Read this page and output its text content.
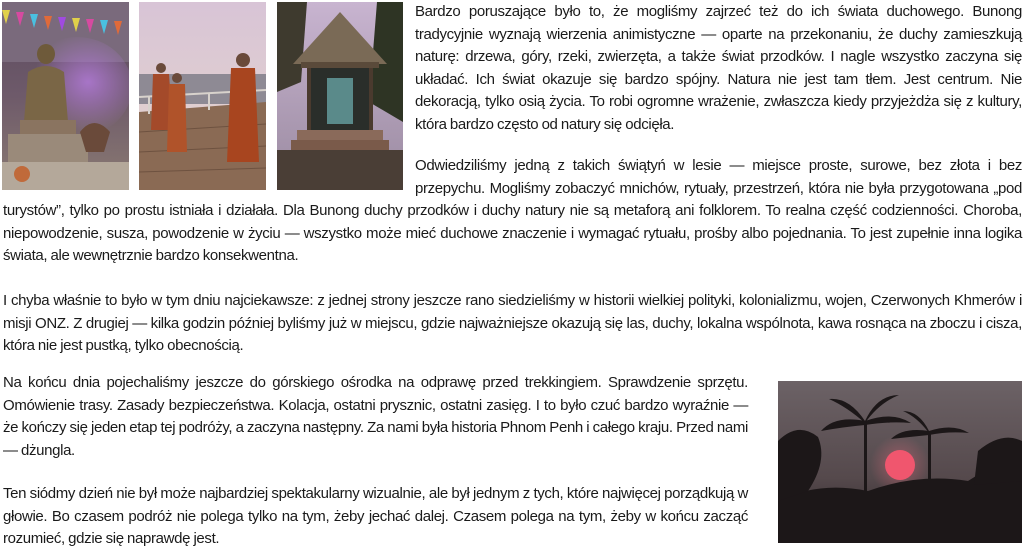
Bardzo poruszające było to, że mogliśmy zajrzeć też do ich świata duchowego. Bunong tradycyjnie wyznają wierzenia animistyczne — oparte na przekonaniu, że duchy zamieszkują naturę: drzewa, góry, rzeki, zwierzęta, a także świat przodków. I nagle wszystko zaczyna się układać. Ich świat okazuje się bardzo spójny. Natura nie jest tam tłem. Jest centrum. Nie dekoracją, tylko osią życia. To robi ogromne wrażenie, zwłaszcza kiedy przyjeżdża się z kultury, która bardzo często od natury się odcięła.

Odwiedziliśmy jedną z takich świątyń w lesie — miejsce proste, surowe, bez złota i bez przepychu. Mogliśmy zobaczyć mnichów, rytuały, przestrzeń, która nie była przygotowana „pod

turystów”, tylko po prostu istniała i działała. Dla Bunong duchy przodków i duchy natury nie są metaforą ani folklorem. To realna część codzienności. Choroba, niepowodzenie, susza, powodzenie w życiu — wszystko może mieć duchowe znaczenie i wymagać rytuału, prośby albo pojednania. To jest zupełnie inna logika świata, ale wewnętrznie bardzo konsekwentna.

I chyba właśnie to było w tym dniu najciekawsze: z jednej strony jeszcze rano siedzieliśmy w historii wielkiej polityki, kolonializmu, wojen, Czerwonych Khmerów i misji ONZ. Z drugiej — kilka godzin później byliśmy już w miejscu, gdzie najważniejsze okazują się las, duchy, lokalna wspólnota, kawa rosnąca na zboczu i cisza, która nie jest pustką, tylko obecnością.

Na końcu dnia pojechaliśmy jeszcze do górskiego ośrodka na odprawę przed trekkingiem. Sprawdzenie sprzętu. Omówienie trasy. Zasady bezpieczeństwa. Kolacja, ostatni prysznic, ostatni zasięg. I to było czuć bardzo wyraźnie — że kończy się jeden etap tej podróży, a zaczyna następny. Za nami była historia Phnom Penh i całego kraju. Przed nami — dżungla.

Ten siódmy dzień nie był może najbardziej spektakularny wizualnie, ale był jednym z tych, które najwięcej porządkują w głowie. Bo czasem podróż nie polega tylko na tym, żeby jechać dalej. Czasem polega na tym, żeby w końcu zacząć rozumieć, gdzie się naprawdę jest.
